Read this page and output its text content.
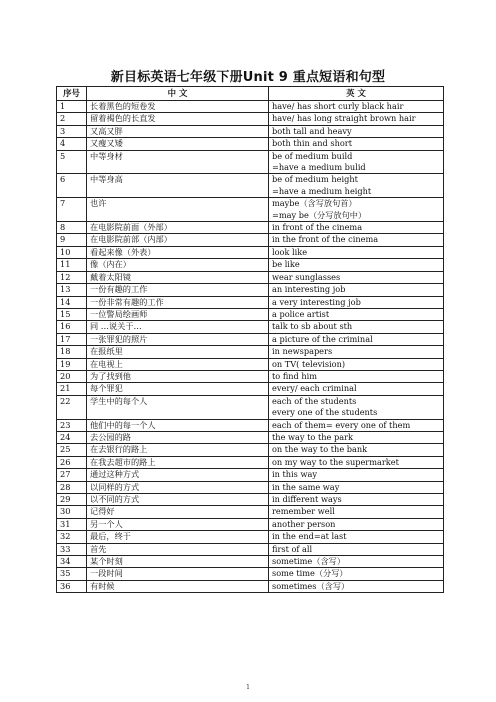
新目标英语七年级下册Unit 9 重点短语和句型
序号	中 文	英 文
1	长着黑色的短卷发	have/ has short curly black hair

2	留着褐色的长直发	have/ has long straight brown hair

3	又高又胖	both tall and heavy

4	又瘦又矮	both thin and short

5	中等身材	be of medium build
=have a medium bulid

6	中等身高	be of medium height
=have a medium height

7	也许	maybe（含写放句首）
=may be（分写放句中）

8	在电影院前面（外部）	in front of the cinema

9	在电影院前部（内部）	in the front of the cinema

10	看起来像（外表）	look like

11	像（内在）	be like

12	戴着太阳镜	wear sunglasses

13	一份有趣的工作	an interesting job

14	一份非常有趣的工作	a very interesting job

15	一位警局绘画师	a police artist

16	同 …说关于…	talk to sb about sth

17	一张罪犯的照片	a picture of the criminal

18	在报纸里	in newspapers

19	在电视上	on TV( television)

20	为了找到他	to find him

21	每个罪犯	every/ each criminal

22	学生中的每个人	each of the students
every one of the students

23	他们中的每一个人	each of them= every one of them

24	去公园的路	the way to the park

25	在去银行的路上	on the way to the bank

26	在我去超市的路上	on my way to the supermarket

27	通过这种方式	in this way

28	以同样的方式	in the same way

29	以不同的方式	in different ways

30	记得好	remember well

31	另一个人	another person

32	最后，终于	in the end=at last

33	首先	first of all

34	某个时刻	sometime（含写）

35	一段时间	some time（分写）

36	有时候	sometimes（含写）
1
